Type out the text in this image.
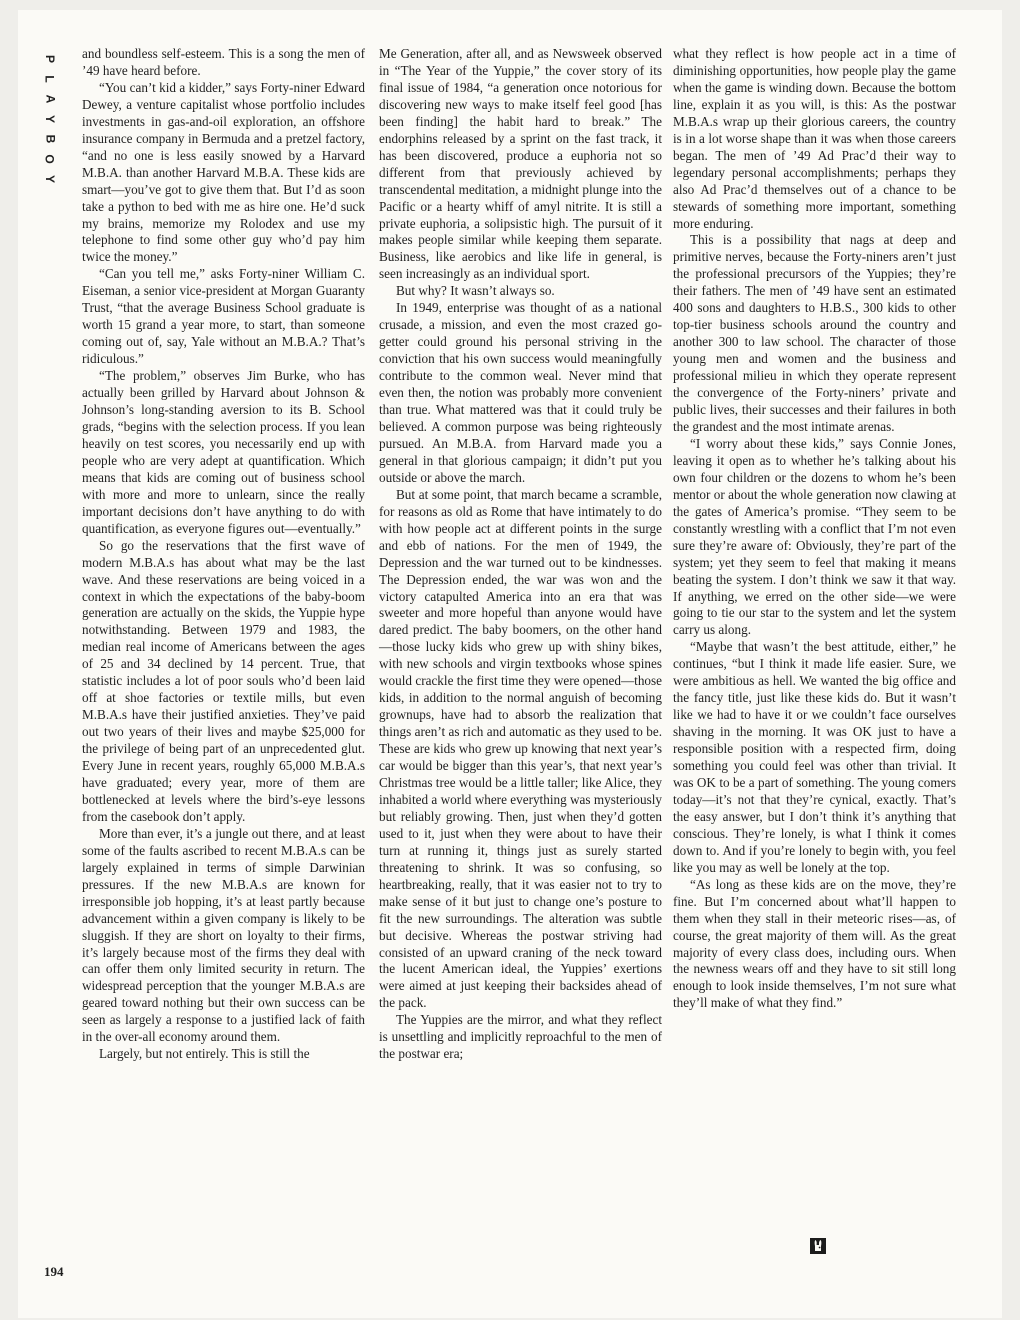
P
L
A
Y
B
O
Y

and boundless self-esteem. This is a song the men of ’49 have heard before.

“You can’t kid a kidder,” says Forty-niner Edward Dewey, a venture capitalist whose portfolio includes investments in gas-and-oil exploration, an offshore insurance company in Bermuda and a pretzel factory, “and no one is less easily snowed by a Harvard M.B.A. than another Harvard M.B.A. These kids are smart—you’ve got to give them that. But I’d as soon take a python to bed with me as hire one. He’d suck my brains, memorize my Rolodex and use my telephone to find some other guy who’d pay him twice the money.”

“Can you tell me,” asks Forty-niner William C. Eiseman, a senior vice-president at Morgan Guaranty Trust, “that the average Business School graduate is worth 15 grand a year more, to start, than someone coming out of, say, Yale without an M.B.A.? That’s ridiculous.”

“The problem,” observes Jim Burke, who has actually been grilled by Harvard about Johnson & Johnson’s long-standing aversion to its B. School grads, “begins with the selection process. If you lean heavily on test scores, you necessarily end up with people who are very adept at quantification. Which means that kids are coming out of business school with more and more to unlearn, since the really important decisions don’t have anything to do with quantification, as everyone figures out—eventually.”

So go the reservations that the first wave of modern M.B.A.s has about what may be the last wave. And these reservations are being voiced in a context in which the expectations of the baby-boom generation are actually on the skids, the Yuppie hype notwithstanding. Between 1979 and 1983, the median real income of Americans between the ages of 25 and 34 declined by 14 percent. True, that statistic includes a lot of poor souls who’d been laid off at shoe factories or textile mills, but even M.B.A.s have their justified anxieties. They’ve paid out two years of their lives and maybe $25,000 for the privilege of being part of an unprecedented glut. Every June in recent years, roughly 65,000 M.B.A.s have graduated; every year, more of them are bottlenecked at levels where the bird’s-eye lessons from the casebook don’t apply.

More than ever, it’s a jungle out there, and at least some of the faults ascribed to recent M.B.A.s can be largely explained in terms of simple Darwinian pressures. If the new M.B.A.s are known for irresponsible job hopping, it’s at least partly because advancement within a given company is likely to be sluggish. If they are short on loyalty to their firms, it’s largely because most of the firms they deal with can offer them only limited security in return. The widespread perception that the younger M.B.A.s are geared toward nothing but their own success can be seen as largely a response to a justified lack of faith in the over-all economy around them.

Largely, but not entirely. This is still the

Me Generation, after all, and as Newsweek observed in “The Year of the Yuppie,” the cover story of its final issue of 1984, “a generation once notorious for discovering new ways to make itself feel good [has been finding] the habit hard to break.” The endorphins released by a sprint on the fast track, it has been discovered, produce a euphoria not so different from that previously achieved by transcendental meditation, a midnight plunge into the Pacific or a hearty whiff of amyl nitrite. It is still a private euphoria, a solipsistic high. The pursuit of it makes people similar while keeping them separate. Business, like aerobics and like life in general, is seen increasingly as an individual sport.

But why? It wasn’t always so.

In 1949, enterprise was thought of as a national crusade, a mission, and even the most crazed go-getter could ground his personal striving in the conviction that his own success would meaningfully contribute to the common weal. Never mind that even then, the notion was probably more convenient than true. What mattered was that it could truly be believed. A common purpose was being righteously pursued. An M.B.A. from Harvard made you a general in that glorious campaign; it didn’t put you outside or above the march.

But at some point, that march became a scramble, for reasons as old as Rome that have intimately to do with how people act at different points in the surge and ebb of nations. For the men of 1949, the Depression and the war turned out to be kindnesses. The Depression ended, the war was won and the victory catapulted America into an era that was sweeter and more hopeful than anyone would have dared predict. The baby boomers, on the other hand—those lucky kids who grew up with shiny bikes, with new schools and virgin textbooks whose spines would crackle the first time they were opened—those kids, in addition to the normal anguish of becoming grownups, have had to absorb the realization that things aren’t as rich and automatic as they used to be. These are kids who grew up knowing that next year’s car would be bigger than this year’s, that next year’s Christmas tree would be a little taller; like Alice, they inhabited a world where everything was mysteriously but reliably growing. Then, just when they’d gotten used to it, just when they were about to have their turn at running it, things just as surely started threatening to shrink. It was so confusing, so heartbreaking, really, that it was easier not to try to make sense of it but just to change one’s posture to fit the new surroundings. The alteration was subtle but decisive. Whereas the postwar striving had consisted of an upward craning of the neck toward the lucent American ideal, the Yuppies’ exertions were aimed at just keeping their backsides ahead of the pack.

The Yuppies are the mirror, and what they reflect is unsettling and implicitly reproachful to the men of the postwar era;

what they reflect is how people act in a time of diminishing opportunities, how people play the game when the game is winding down. Because the bottom line, explain it as you will, is this: As the postwar M.B.A.s wrap up their glorious careers, the country is in a lot worse shape than it was when those careers began. The men of ’49 Ad Prac’d their way to legendary personal accomplishments; perhaps they also Ad Prac’d themselves out of a chance to be stewards of something more important, something more enduring.

This is a possibility that nags at deep and primitive nerves, because the Forty-niners aren’t just the professional precursors of the Yuppies; they’re their fathers. The men of ’49 have sent an estimated 400 sons and daughters to H.B.S., 300 kids to other top-tier business schools around the country and another 300 to law school. The character of those young men and women and the business and professional milieu in which they operate represent the convergence of the Forty-niners’ private and public lives, their successes and their failures in both the grandest and the most intimate arenas.

“I worry about these kids,” says Connie Jones, leaving it open as to whether he’s talking about his own four children or the dozens to whom he’s been mentor or about the whole generation now clawing at the gates of America’s promise. “They seem to be constantly wrestling with a conflict that I’m not even sure they’re aware of: Obviously, they’re part of the system; yet they seem to feel that making it means beating the system. I don’t think we saw it that way. If anything, we erred on the other side—we were going to tie our star to the system and let the system carry us along.

“Maybe that wasn’t the best attitude, either,” he continues, “but I think it made life easier. Sure, we were ambitious as hell. We wanted the big office and the fancy title, just like these kids do. But it wasn’t like we had to have it or we couldn’t face ourselves shaving in the morning. It was OK just to have a responsible position with a respected firm, doing something you could feel was other than trivial. It was OK to be a part of something. The young comers today—it’s not that they’re cynical, exactly. That’s the easy answer, but I don’t think it’s anything that conscious. They’re lonely, is what I think it comes down to. And if you’re lonely to begin with, you feel like you may as well be lonely at the top.

“As long as these kids are on the move, they’re fine. But I’m concerned about what’ll happen to them when they stall in their meteoric rises—as, of course, the great majority of them will. As the great majority of every class does, including ours. When the newness wears off and they have to sit still long enough to look inside themselves, I’m not sure what they’ll make of what they find.”

194
